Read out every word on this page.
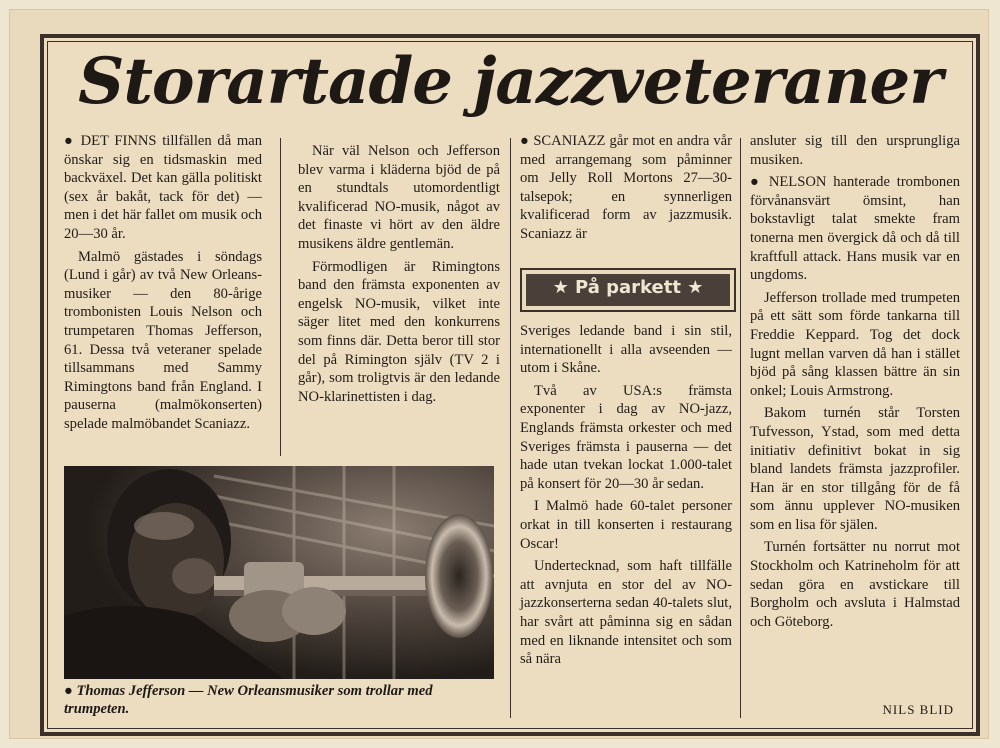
Storartade jazzveteraner

● DET FINNS tillfällen då man önskar sig en tidsmaskin med backväxel. Det kan gälla politiskt (sex år bakåt, tack för det) — men i det här fallet om musik och 20—30 år.

Malmö gästades i söndags (Lund i går) av två New Orleans-musiker — den 80-årige trombonisten Louis Nelson och trumpetaren Thomas Jefferson, 61. Dessa två veteraner spelade tillsammans med Sammy Rimingtons band från England. I pauserna (malmökonserten) spelade malmöbandet Scaniazz.

När väl Nelson och Jefferson blev varma i kläderna bjöd de på en stundtals utomordentligt kvalificerad NO-musik, något av det finaste vi hört av den äldre musikens äldre gentlemän.

Förmodligen är Rimingtons band den främsta exponenten av engelsk NO-musik, vilket inte säger litet med den konkurrens som finns där. Detta beror till stor del på Rimington själv (TV 2 i går), som troligtvis är den ledande NO-klarinettisten i dag.

● SCANIAZZ går mot en andra vår med arrangemang som påminner om Jelly Roll Mortons 27—30-talsepok; en synnerligen kvalificerad form av jazzmusik. Scaniazz är

★ På parkett ★

Sveriges ledande band i sin stil, internationellt i alla avseenden — utom i Skåne.

Två av USA:s främsta exponenter i dag av NO-jazz, Englands främsta orkester och med Sveriges främsta i pauserna — det hade utan tvekan lockat 1.000-talet på konsert för 20—30 år sedan.

I Malmö hade 60-talet personer orkat in till konserten i restaurang Oscar!

Undertecknad, som haft tillfälle att avnjuta en stor del av NO-jazzkonserterna sedan 40-talets slut, har svårt att påminna sig en sådan med en liknande intensitet och som så nära

ansluter sig till den ursprungliga musiken.

● NELSON hanterade trombonen förvånansvärt ömsint, han bokstavligt talat smekte fram tonerna men övergick då och då till kraftfull attack. Hans musik var en ungdoms.

Jefferson trollade med trumpeten på ett sätt som förde tankarna till Freddie Keppard. Tog det dock lugnt mellan varven då han i stället bjöd på sång klassen bättre än sin onkel; Louis Armstrong.

Bakom turnén står Torsten Tufvesson, Ystad, som med detta initiativ definitivt bokat in sig bland landets främsta jazzprofiler. Han är en stor tillgång för de få som ännu upplever NO-musiken som en lisa för själen.

Turnén fortsätter nu norrut mot Stockholm och Katrineholm för att sedan göra en avstickare till Borgholm och avsluta i Halmstad och Göteborg.

NILS BLID
● Thomas Jefferson — New Orleansmusiker som trollar med trumpeten.
